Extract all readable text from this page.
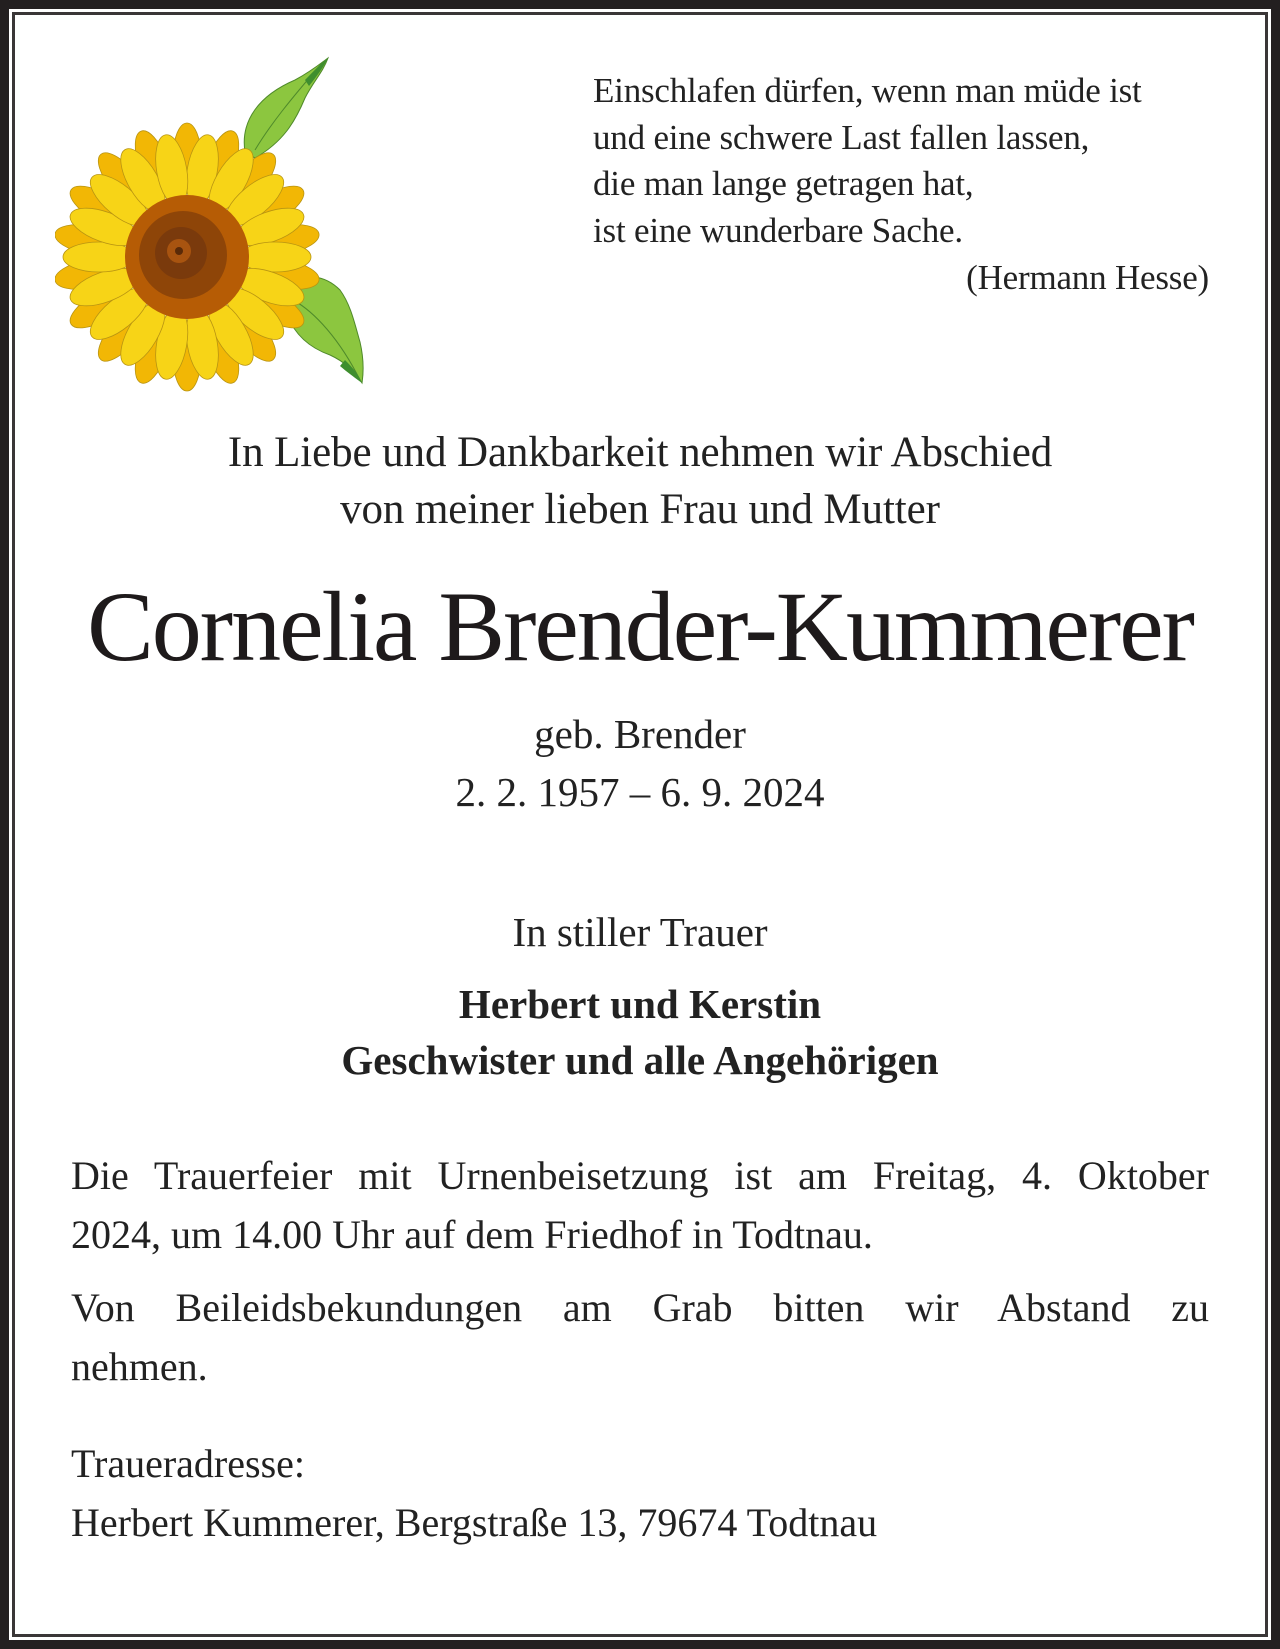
Einschlafen dürfen, wenn man müde ist
und eine schwere Last fallen lassen,
die man lange getragen hat,
ist eine wunderbare Sache.
(Hermann Hesse)
In Liebe und Dankbarkeit nehmen wir Abschied
von meiner lieben Frau und Mutter
Cornelia Brender-Kummerer
geb. Brender
2. 2. 1957 – 6. 9. 2024
In stiller Trauer
Herbert und Kerstin
Geschwister und alle Angehörigen
Die Trauerfeier mit Urnenbeisetzung ist am Freitag, 4. Oktober
2024, um 14.00 Uhr auf dem Friedhof in Todtnau.
Von Beileidsbekundungen am Grab bitten wir Abstand zu
nehmen.
Traueradresse:
Herbert Kummerer, Bergstraße 13, 79674 Todtnau
